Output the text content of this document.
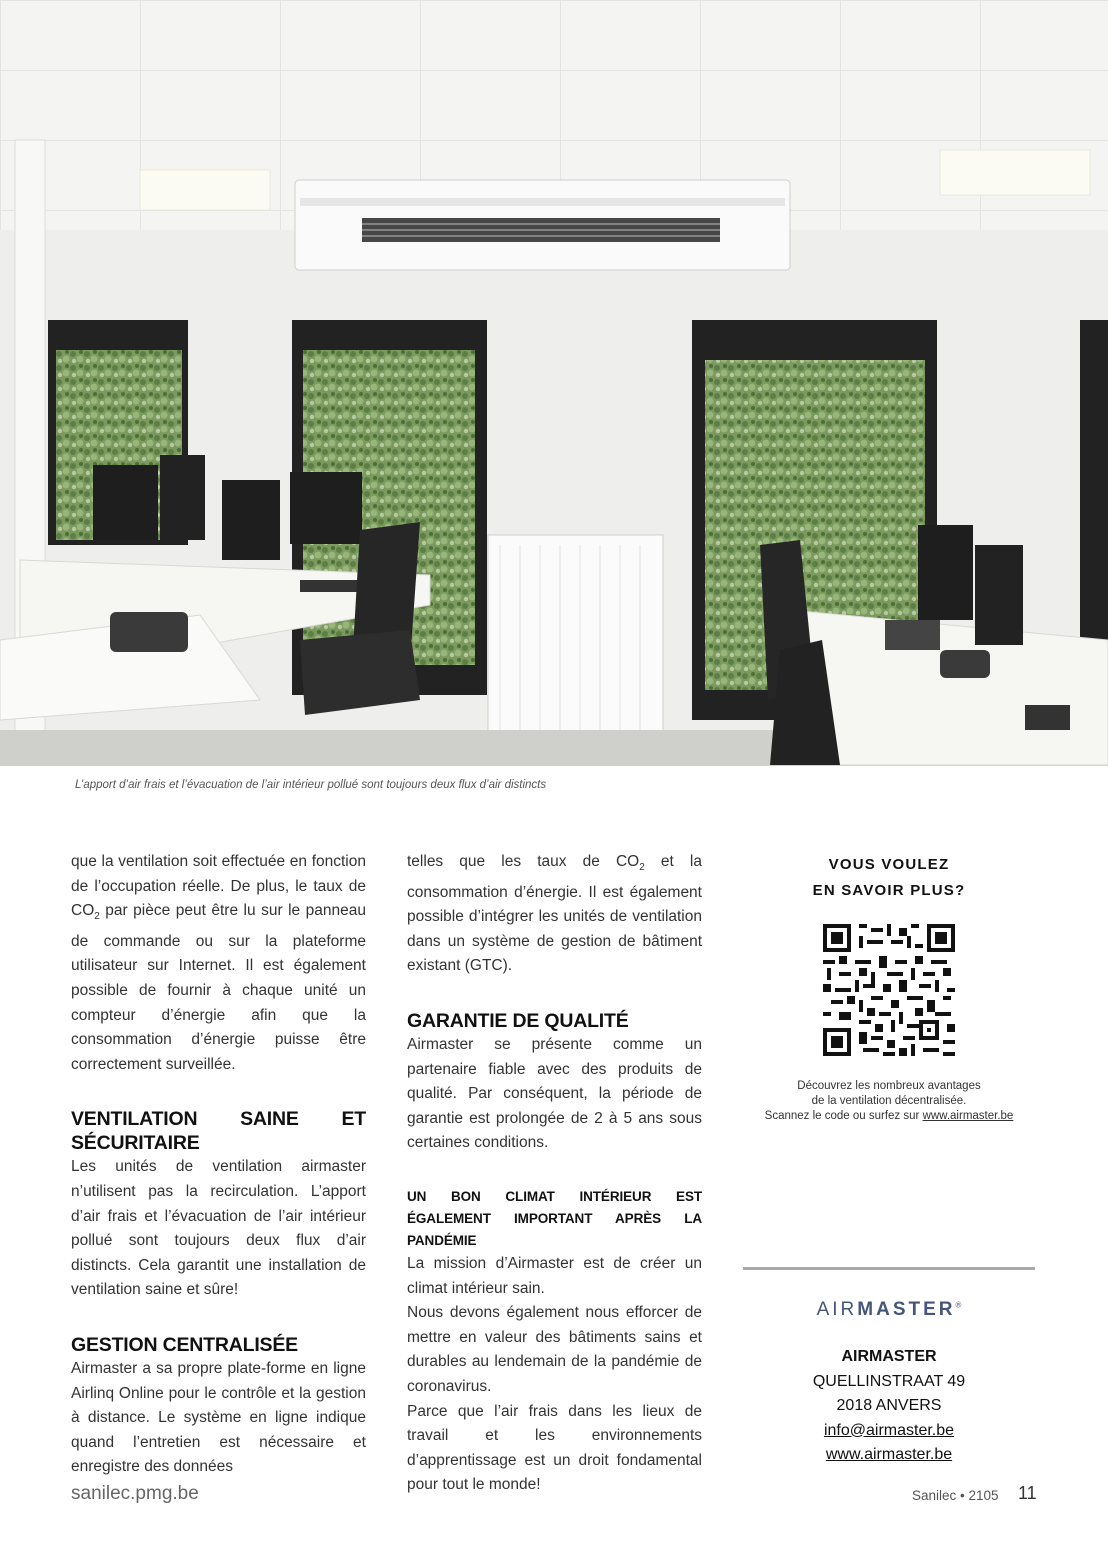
L’apport d’air frais et l’évacuation de l’air intérieur pollué sont toujours deux flux d’air distincts

que la ventilation soit effectuée en fonction de l’occupation réelle. De plus, le taux de $CO_2$ par pièce peut être lu sur le panneau de commande ou sur la plateforme utilisateur sur Internet. Il est également possible de fournir à chaque unité un compteur d’énergie afin que la consommation d’énergie puisse être correctement surveillée.

VENTILATION SAINE ET SÉCURITAIRE

Les unités de ventilation airmaster n’utilisent pas la recirculation. L’apport d’air frais et l’évacuation de l’air intérieur pollué sont toujours deux flux d’air distincts. Cela garantit une installation de ventilation saine et sûre!

GESTION CENTRALISÉE

Airmaster a sa propre plate-forme en ligne Airlinq Online pour le contrôle et la gestion à distance. Le système en ligne indique quand l’entretien est nécessaire et enregistre des données

telles que les taux de $CO_2$ et la consommation d’énergie. Il est également possible d’intégrer les unités de ventilation dans un système de gestion de bâtiment existant (GTC).

GARANTIE DE QUALITÉ

Airmaster se présente comme un partenaire fiable avec des produits de qualité. Par conséquent, la période de garantie est prolongée de 2 à 5 ans sous certaines conditions.

UN BON CLIMAT INTÉRIEUR EST ÉGALEMENT IMPORTANT APRÈS LA PANDÉMIE

La mission d’Airmaster est de créer un climat intérieur sain.

Nous devons également nous efforcer de mettre en valeur des bâtiments sains et durables au lendemain de la pandémie de coronavirus.

Parce que l’air frais dans les lieux de travail et les environnements d’apprentissage est un droit fondamental pour tout le monde!

VOUS VOULEZ
EN SAVOIR PLUS?
Découvrez les nombreux avantages
de la ventilation décentralisée.
Scannez le code ou surfez sur www.airmaster.be
AIRMASTER®
AIRMASTER
QUELLINSTRAAT 49
2018 ANVERS
info@airmaster.be
www.airmaster.be
sanilec.pmg.be	Sanilec • 2105 11
